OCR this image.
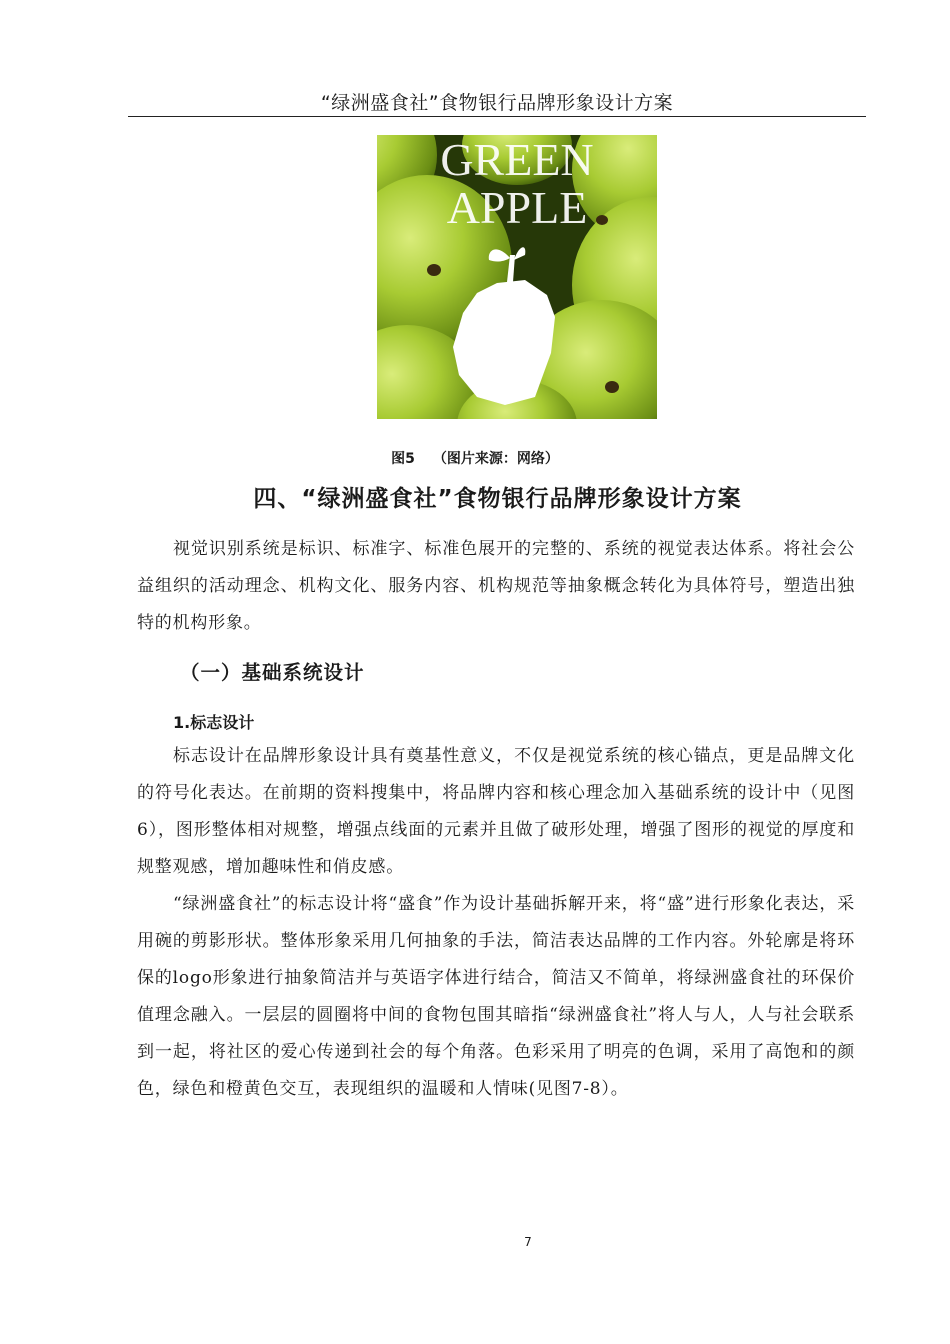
“绿洲盛食社”食物银行品牌形象设计方案
GREEN
APPLE
图5 （图片来源：网络）
四、“绿洲盛食社”食物银行品牌形象设计方案

视觉识别系统是标识、标准字、标准色展开的完整的、系统的视觉表达体系。将社会公益组织的活动理念、机构文化、服务内容、机构规范等抽象概念转化为具体符号，塑造出独特的机构形象。

（一）基础系统设计
1.标志设计

标志设计在品牌形象设计具有奠基性意义，不仅是视觉系统的核心锚点，更是品牌文化的符号化表达。在前期的资料搜集中，将品牌内容和核心理念加入基础系统的设计中（见图6），图形整体相对规整，增强点线面的元素并且做了破形处理，增强了图形的视觉的厚度和规整观感，增加趣味性和俏皮感。

“绿洲盛食社”的标志设计将“盛食”作为设计基础拆解开来，将“盛”进行形象化表达，采用碗的剪影形状。整体形象采用几何抽象的手法，简洁表达品牌的工作内容。外轮廓是将环保的logo形象进行抽象简洁并与英语字体进行结合，简洁又不简单，将绿洲盛食社的环保价值理念融入。一层层的圆圈将中间的食物包围其暗指“绿洲盛食社”将人与人，人与社会联系到一起，将社区的爱心传递到社会的每个角落。色彩采用了明亮的色调，采用了高饱和的颜色，绿色和橙黄色交互，表现组织的温暖和人情味(见图7-8）。

7
